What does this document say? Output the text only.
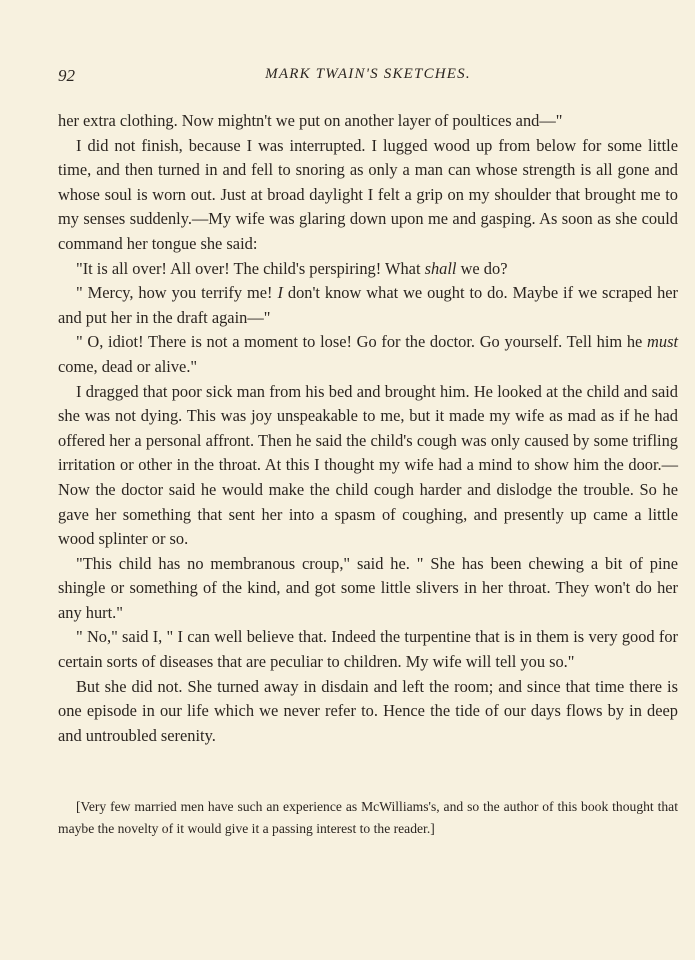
92	MARK TWAIN'S SKETCHES.

her extra clothing. Now mightn't we put on another layer of poultices and—"

I did not finish, because I was interrupted. I lugged wood up from below for some little time, and then turned in and fell to snoring as only a man can whose strength is all gone and whose soul is worn out. Just at broad daylight I felt a grip on my shoulder that brought me to my senses suddenly.—My wife was glaring down upon me and gasping. As soon as she could command her tongue she said:

"It is all over! All over! The child's perspiring! What shall we do?

" Mercy, how you terrify me! I don't know what we ought to do. Maybe if we scraped her and put her in the draft again—"

" O, idiot! There is not a moment to lose! Go for the doctor. Go yourself. Tell him he must come, dead or alive."

I dragged that poor sick man from his bed and brought him. He looked at the child and said she was not dying. This was joy unspeakable to me, but it made my wife as mad as if he had offered her a personal affront. Then he said the child's cough was only caused by some trifling irritation or other in the throat. At this I thought my wife had a mind to show him the door.—Now the doctor said he would make the child cough harder and dislodge the trouble. So he gave her something that sent her into a spasm of coughing, and presently up came a little wood splinter or so.

"This child has no membranous croup," said he. " She has been chewing a bit of pine shingle or something of the kind, and got some little slivers in her throat. They won't do her any hurt."

" No," said I, " I can well believe that. Indeed the turpentine that is in them is very good for certain sorts of diseases that are peculiar to children. My wife will tell you so."

But she did not. She turned away in disdain and left the room; and since that time there is one episode in our life which we never refer to. Hence the tide of our days flows by in deep and untroubled serenity.

[Very few married men have such an experience as McWilliams's, and so the author of this book thought that maybe the novelty of it would give it a passing interest to the reader.]
